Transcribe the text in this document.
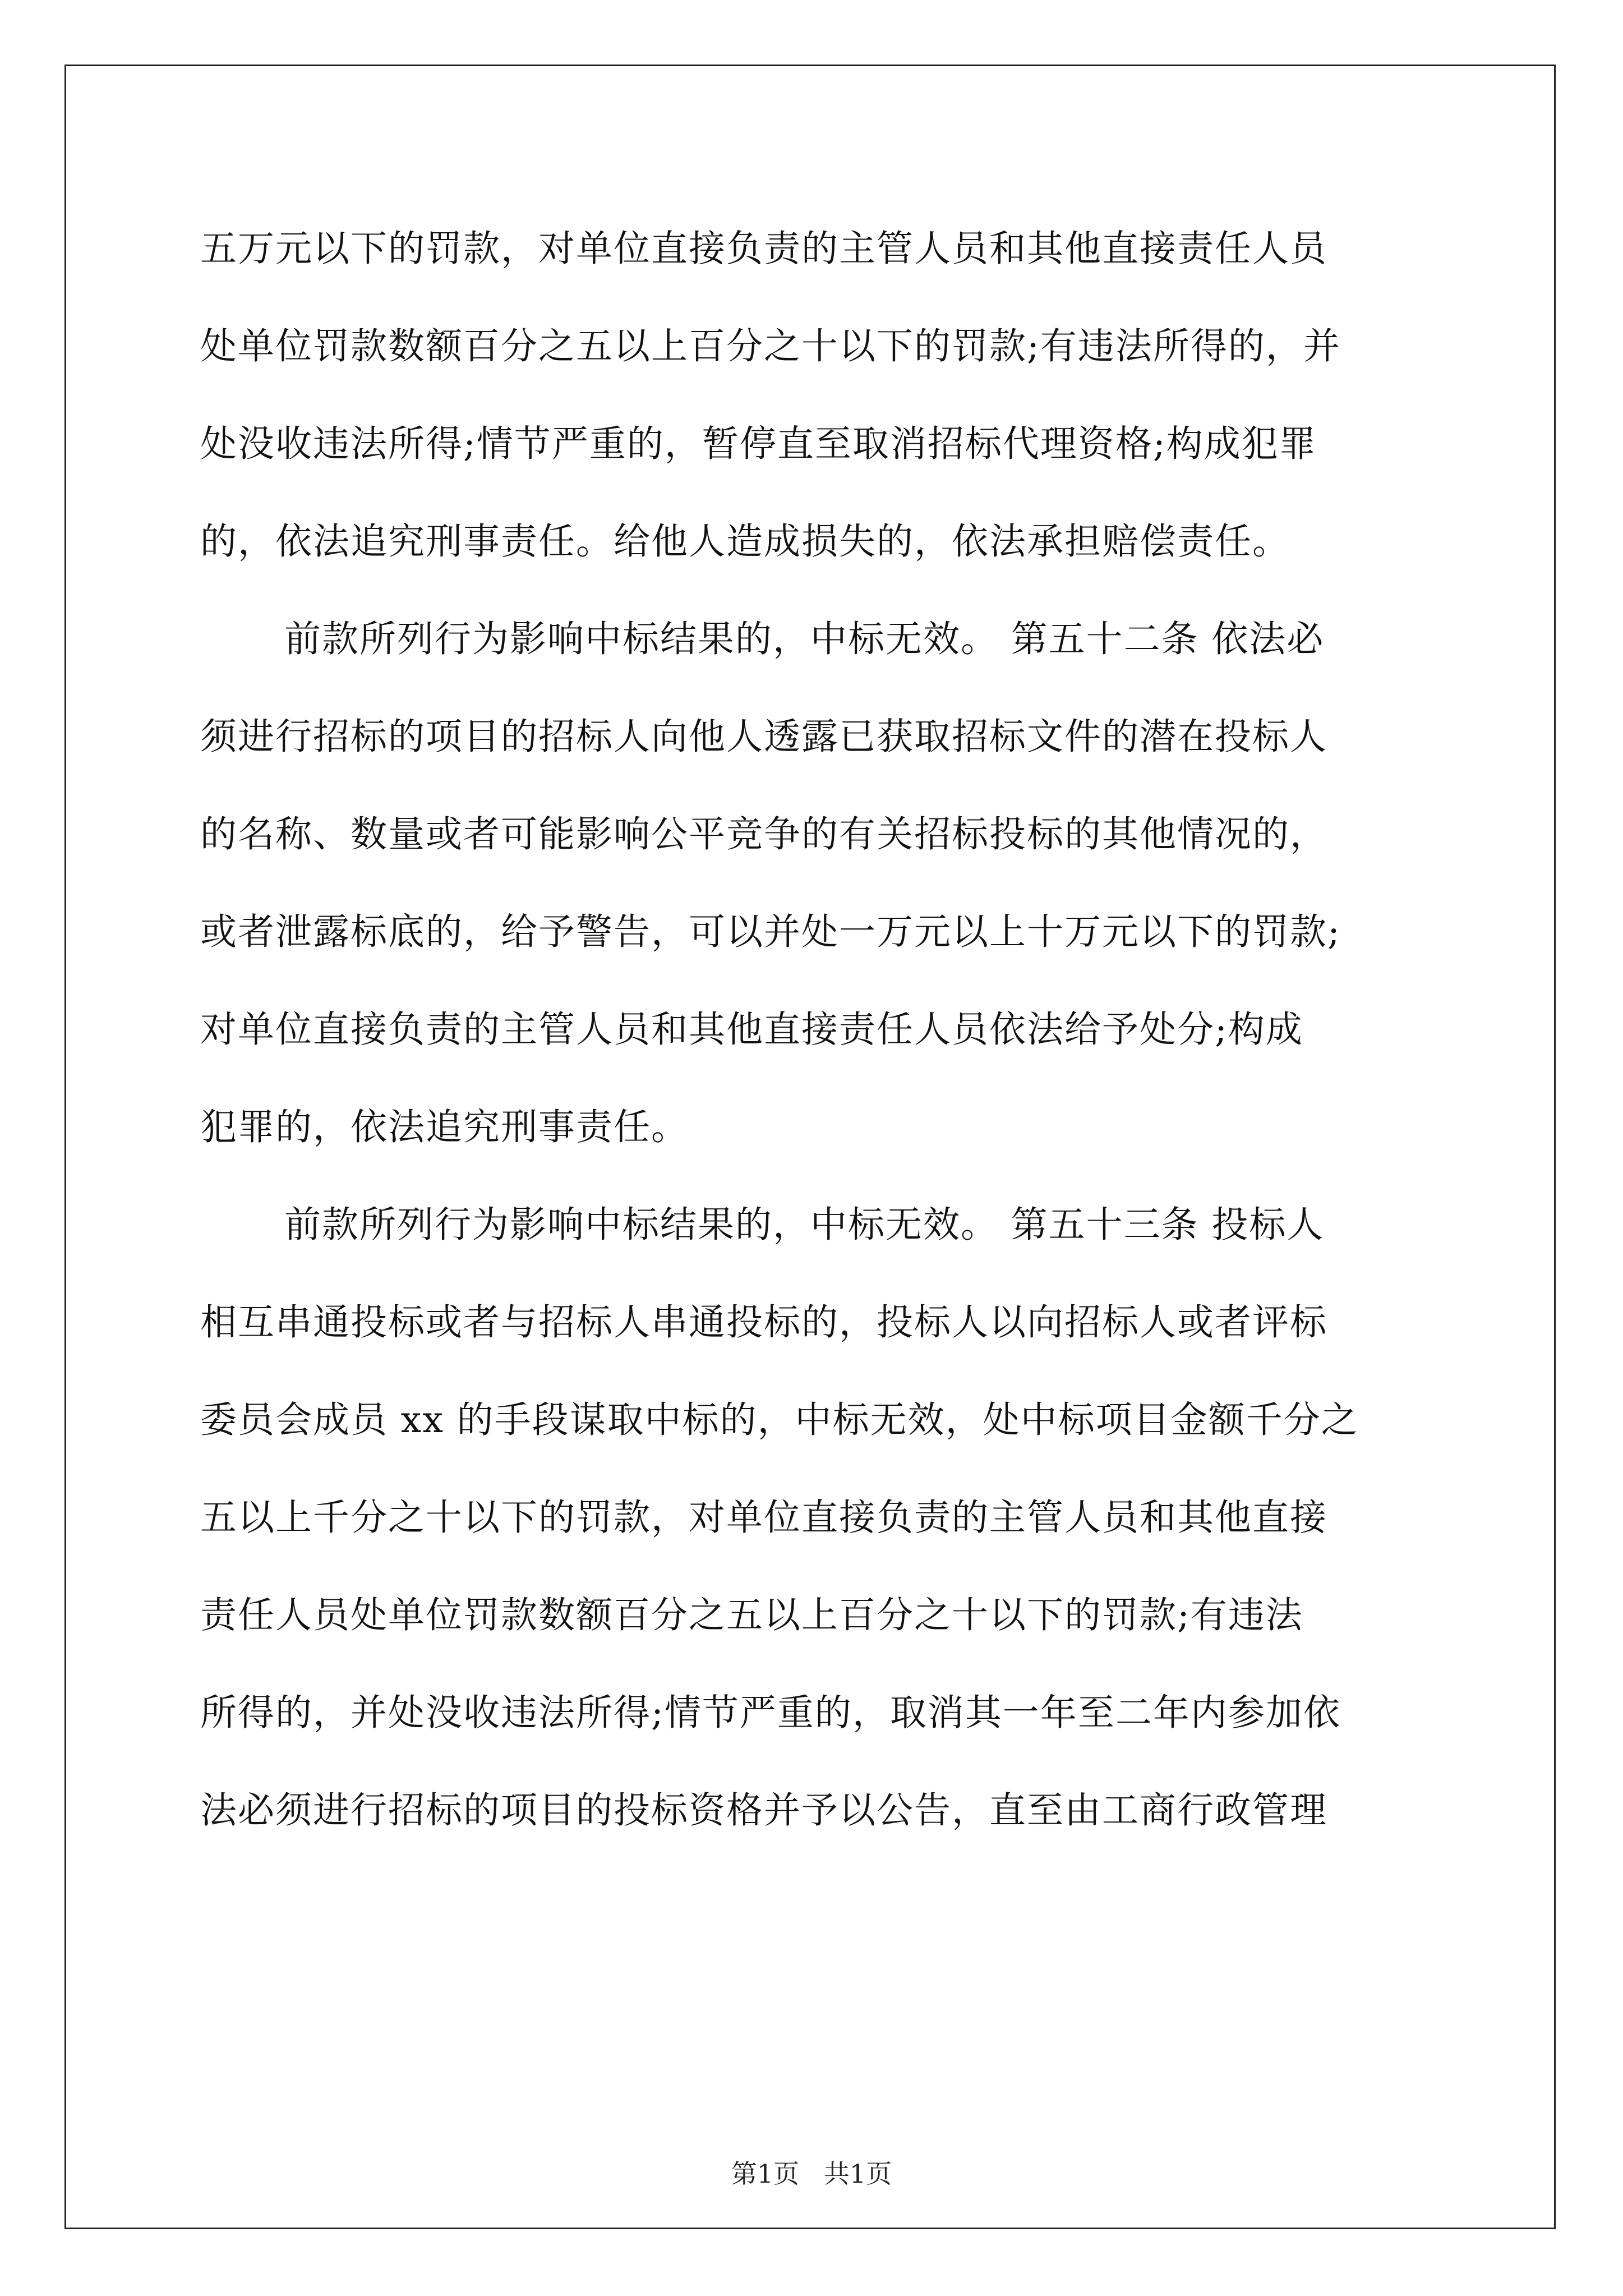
五万元以下的罚款，对单位直接负责的主管人员和其他直接责任人员
处单位罚款数额百分之五以上百分之十以下的罚款;有违法所得的，并
处没收违法所得;情节严重的，暂停直至取消招标代理资格;构成犯罪
的，依法追究刑事责任。给他人造成损失的，依法承担赔偿责任。
前款所列行为影响中标结果的，中标无效。 第五十二条 依法必
须进行招标的项目的招标人向他人透露已获取招标文件的潜在投标人
的名称、数量或者可能影响公平竞争的有关招标投标的其他情况的，
或者泄露标底的，给予警告，可以并处一万元以上十万元以下的罚款;
对单位直接负责的主管人员和其他直接责任人员依法给予处分;构成
犯罪的，依法追究刑事责任。
前款所列行为影响中标结果的，中标无效。 第五十三条 投标人
相互串通投标或者与招标人串通投标的，投标人以向招标人或者评标
委员会成员 xx 的手段谋取中标的，中标无效，处中标项目金额千分之
五以上千分之十以下的罚款，对单位直接负责的主管人员和其他直接
责任人员处单位罚款数额百分之五以上百分之十以下的罚款;有违法
所得的，并处没收违法所得;情节严重的，取消其一年至二年内参加依
法必须进行招标的项目的投标资格并予以公告，直至由工商行政管理
第1页   共1页
